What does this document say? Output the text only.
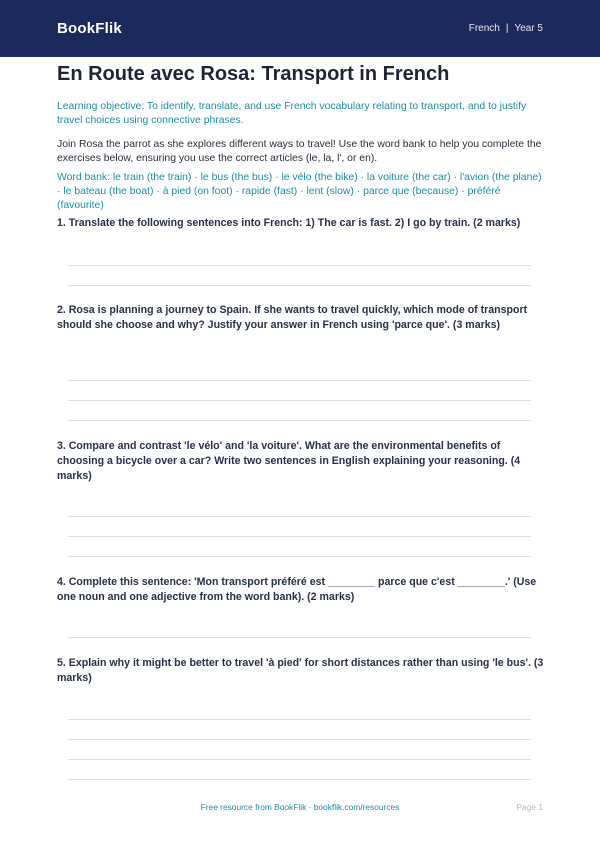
BookFlik	French | Year 5
En Route avec Rosa: Transport in French
Learning objective: To identify, translate, and use French vocabulary relating to transport, and to justify travel choices using connective phrases.
Join Rosa the parrot as she explores different ways to travel! Use the word bank to help you complete the exercises below, ensuring you use the correct articles (le, la, l', or en).
Word bank: le train (the train) · le bus (the bus) · le vélo (the bike) · la voiture (the car) · l'avion (the plane) · le bateau (the boat) · à pied (on foot) · rapide (fast) · lent (slow) · parce que (because) · préféré (favourite)
1. Translate the following sentences into French: 1) The car is fast. 2) I go by train. (2 marks)
2. Rosa is planning a journey to Spain. If she wants to travel quickly, which mode of transport should she choose and why? Justify your answer in French using 'parce que'. (3 marks)
3. Compare and contrast 'le vélo' and 'la voiture'. What are the environmental benefits of choosing a bicycle over a car? Write two sentences in English explaining your reasoning. (4 marks)
4. Complete this sentence: 'Mon transport préféré est ________ parce que c'est ________.' (Use one noun and one adjective from the word bank). (2 marks)
5. Explain why it might be better to travel 'à pied' for short distances rather than using 'le bus'. (3 marks)
Free resource from BookFlik · bookflik.com/resources	Page 1
